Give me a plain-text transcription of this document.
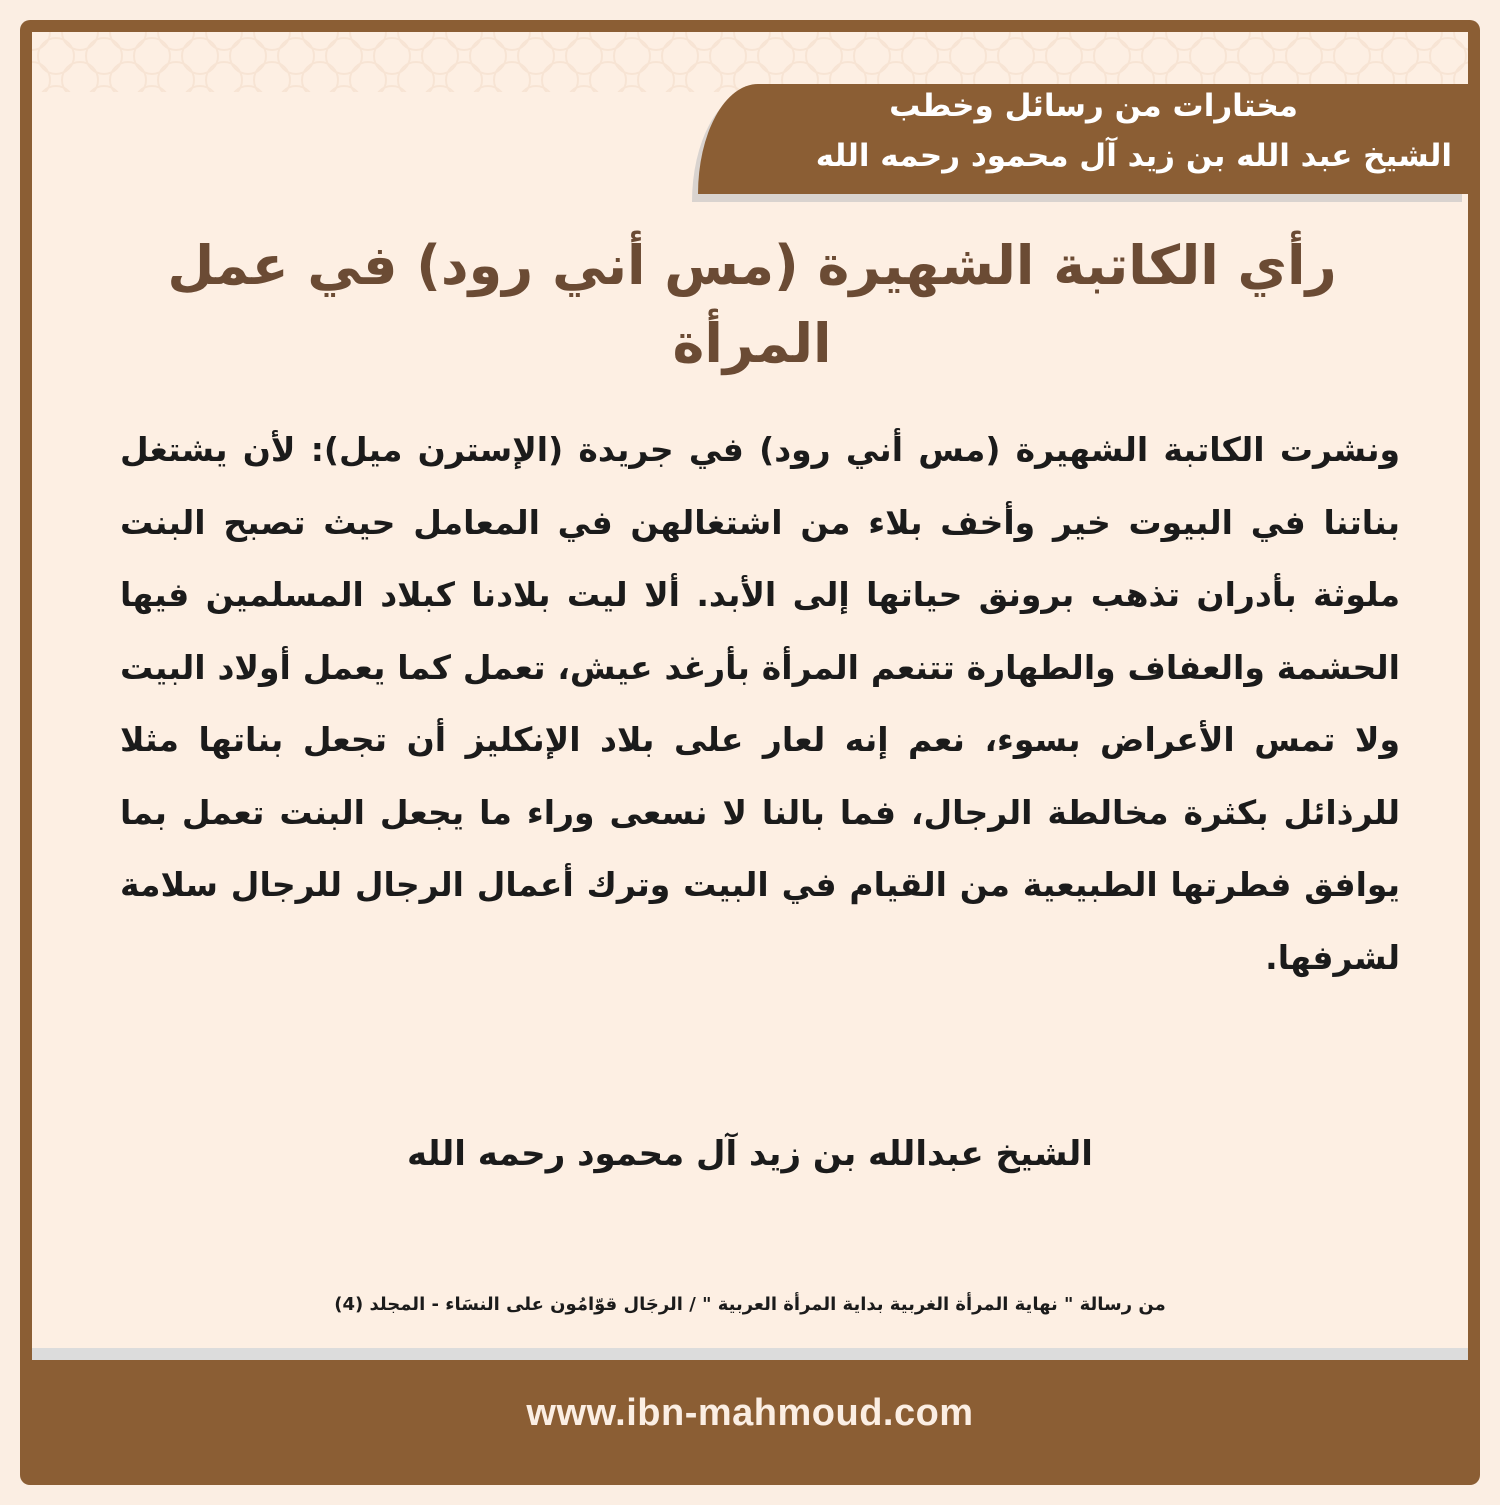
مختارات من رسائل وخطب
الشيخ عبد الله بن زيد آل محمود رحمه الله
رأي الكاتبة الشهيرة (مس أني رود) في عمل المرأة
ونشرت الكاتبة الشهيرة (مس أني رود) في جريدة (الإسترن ميل): لأن يشتغل بناتنا في البيوت خير وأخف بلاء من اشتغالهن في المعامل حيث تصبح البنت ملوثة بأدران تذهب برونق حياتها إلى الأبد. ألا ليت بلادنا كبلاد المسلمين فيها الحشمة والعفاف والطهارة تتنعم المرأة بأرغد عيش، تعمل كما يعمل أولاد البيت ولا تمس الأعراض بسوء، نعم إنه لعار على بلاد الإنكليز أن تجعل بناتها مثلا للرذائل بكثرة مخالطة الرجال، فما بالنا لا نسعى وراء ما يجعل البنت تعمل بما يوافق فطرتها الطبيعية من القيام في البيت وترك أعمال الرجال للرجال سلامة لشرفها.
الشيخ عبدالله بن زيد آل محمود رحمه الله
من رسالة " نهاية المرأة الغربية بداية المرأة العربية " / الرجَال قوّامُون على النسَاء - المجلد (4)
www.ibn-mahmoud.com
